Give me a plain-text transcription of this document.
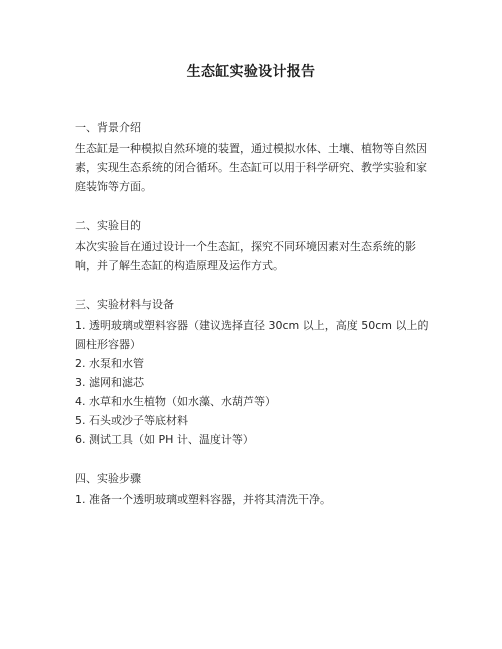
生态缸实验设计报告

一、背景介绍

生态缸是一种模拟自然环境的装置，通过模拟水体、土壤、植物等自然因素，实现生态系统的闭合循环。生态缸可以用于科学研究、教学实验和家庭装饰等方面。

二、实验目的

本次实验旨在通过设计一个生态缸，探究不同环境因素对生态系统的影响，并了解生态缸的构造原理及运作方式。

三、实验材料与设备

1. 透明玻璃或塑料容器（建议选择直径 30cm 以上，高度 50cm 以上的圆柱形容器）
2. 水泵和水管
3. 滤网和滤芯
4. 水草和水生植物（如水藻、水葫芦等）
5. 石头或沙子等底材料
6. 测试工具（如 PH 计、温度计等）

四、实验步骤

1. 准备一个透明玻璃或塑料容器，并将其清洗干净。
